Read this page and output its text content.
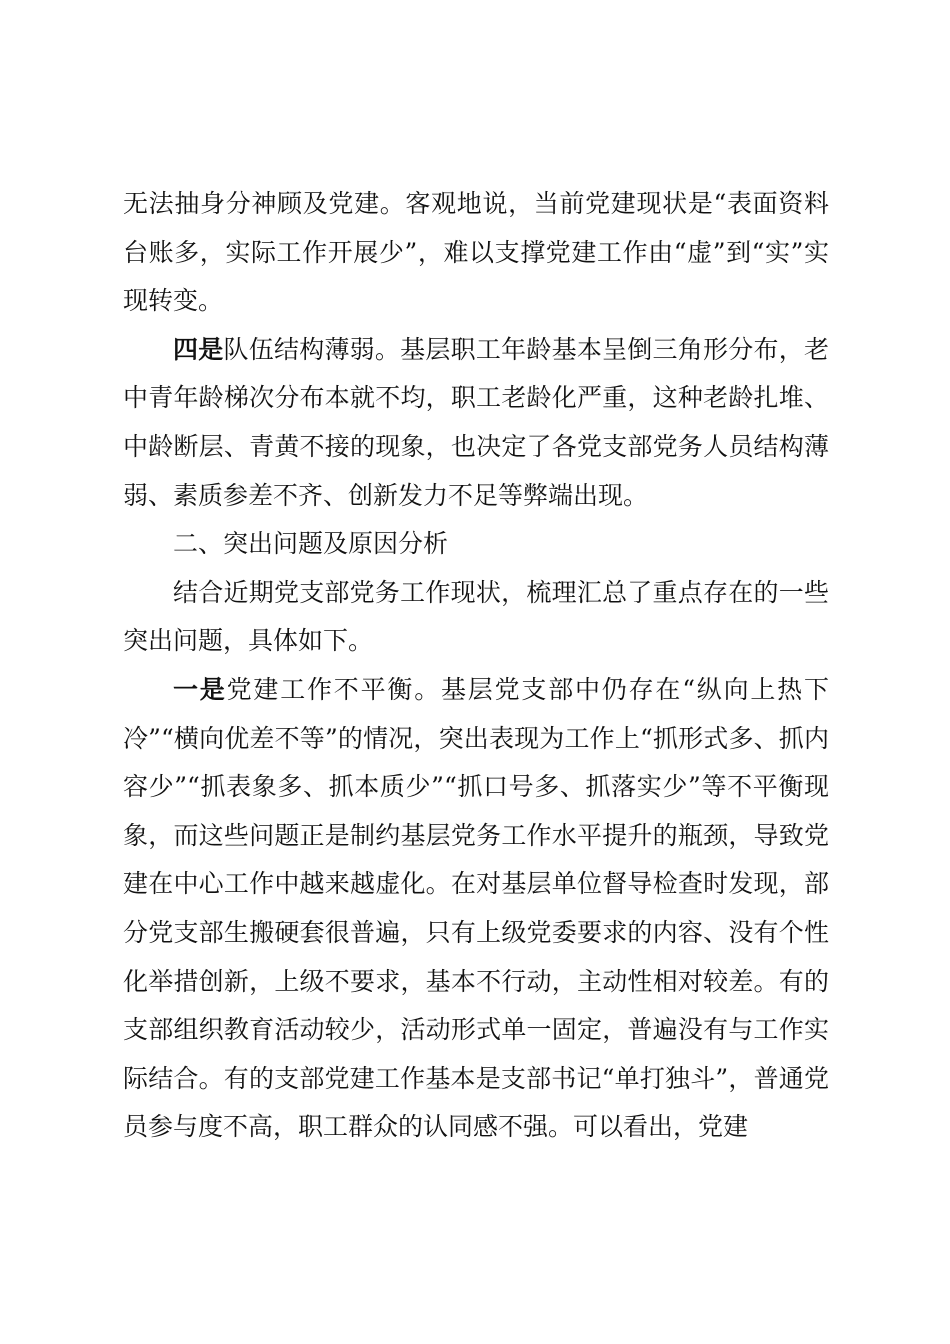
无法抽身分神顾及党建。客观地说，当前党建现状是“表面资料台账多，实际工作开展少”，难以支撑党建工作由“虚”到“实”实现转变。

四是队伍结构薄弱。基层职工年龄基本呈倒三角形分布，老中青年龄梯次分布本就不均，职工老龄化严重，这种老龄扎堆、中龄断层、青黄不接的现象，也决定了各党支部党务人员结构薄弱、素质参差不齐、创新发力不足等弊端出现。

二、突出问题及原因分析

结合近期党支部党务工作现状，梳理汇总了重点存在的一些突出问题，具体如下。

一是党建工作不平衡。基层党支部中仍存在“纵向上热下冷”“横向优差不等”的情况，突出表现为工作上“抓形式多、抓内容少”“抓表象多、抓本质少”“抓口号多、抓落实少”等不平衡现象，而这些问题正是制约基层党务工作水平提升的瓶颈，导致党建在中心工作中越来越虚化。在对基层单位督导检查时发现，部分党支部生搬硬套很普遍，只有上级党委要求的内容、没有个性化举措创新，上级不要求，基本不行动，主动性相对较差。有的支部组织教育活动较少，活动形式单一固定，普遍没有与工作实际结合。有的支部党建工作基本是支部书记“单打独斗”，普通党员参与度不高，职工群众的认同感不强。可以看出，党建
